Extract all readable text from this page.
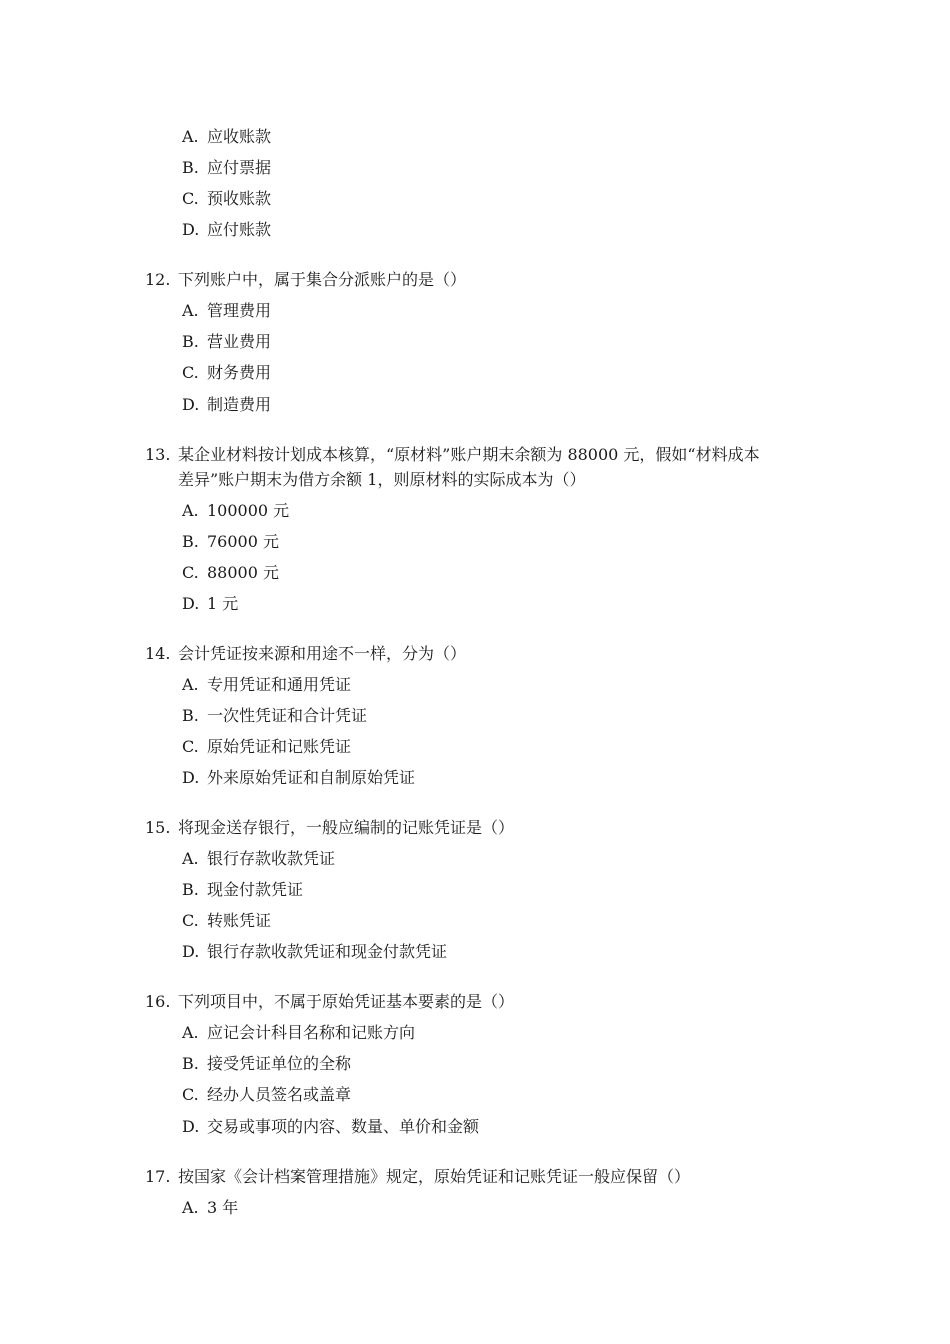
A. 应收账款
B. 应付票据
C. 预收账款
D. 应付账款
12. 下列账户中，属于集合分派账户的是（）
A. 管理费用
B. 营业费用
C. 财务费用
D. 制造费用
13. 某企业材料按计划成本核算，“原材料”账户期末余额为 88000 元，假如“材料成本
差异”账户期末为借方余额 1，则原材料的实际成本为（）
A. 100000 元
B. 76000 元
C. 88000 元
D. 1 元
14. 会计凭证按来源和用途不一样，分为（）
A. 专用凭证和通用凭证
B. 一次性凭证和合计凭证
C. 原始凭证和记账凭证
D. 外来原始凭证和自制原始凭证
15. 将现金送存银行，一般应编制的记账凭证是（）
A. 银行存款收款凭证
B. 现金付款凭证
C. 转账凭证
D. 银行存款收款凭证和现金付款凭证
16. 下列项目中，不属于原始凭证基本要素的是（）
A. 应记会计科目名称和记账方向
B. 接受凭证单位的全称
C. 经办人员签名或盖章
D. 交易或事项的内容、数量、单价和金额
17. 按国家《会计档案管理措施》规定，原始凭证和记账凭证一般应保留（）
A. 3 年
